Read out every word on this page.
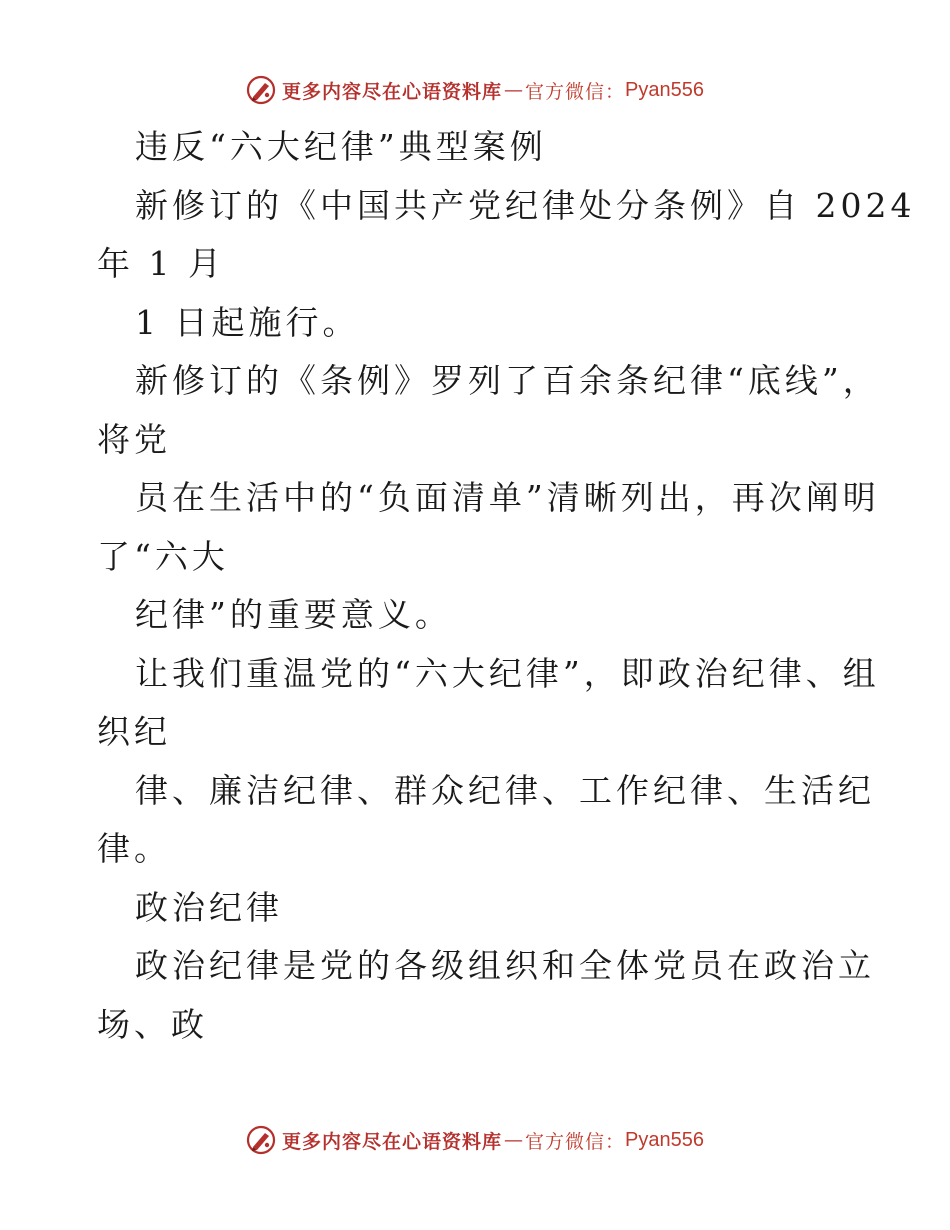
更多内容尽在心语资料库 — 官方微信： Pyan556
违反“六大纪律”典型案例
新修订的《中国共产党纪律处分条例》自 2024
年 1 月
1 日起施行。
新修订的《条例》罗列了百余条纪律“底线”，
将党
员在生活中的“负面清单”清晰列出，再次阐明
了“六大
纪律”的重要意义。
让我们重温党的“六大纪律”，即政治纪律、组
织纪
律、廉洁纪律、群众纪律、工作纪律、生活纪
律。
政治纪律
政治纪律是党的各级组织和全体党员在政治立
场、政
更多内容尽在心语资料库 — 官方微信： Pyan556
